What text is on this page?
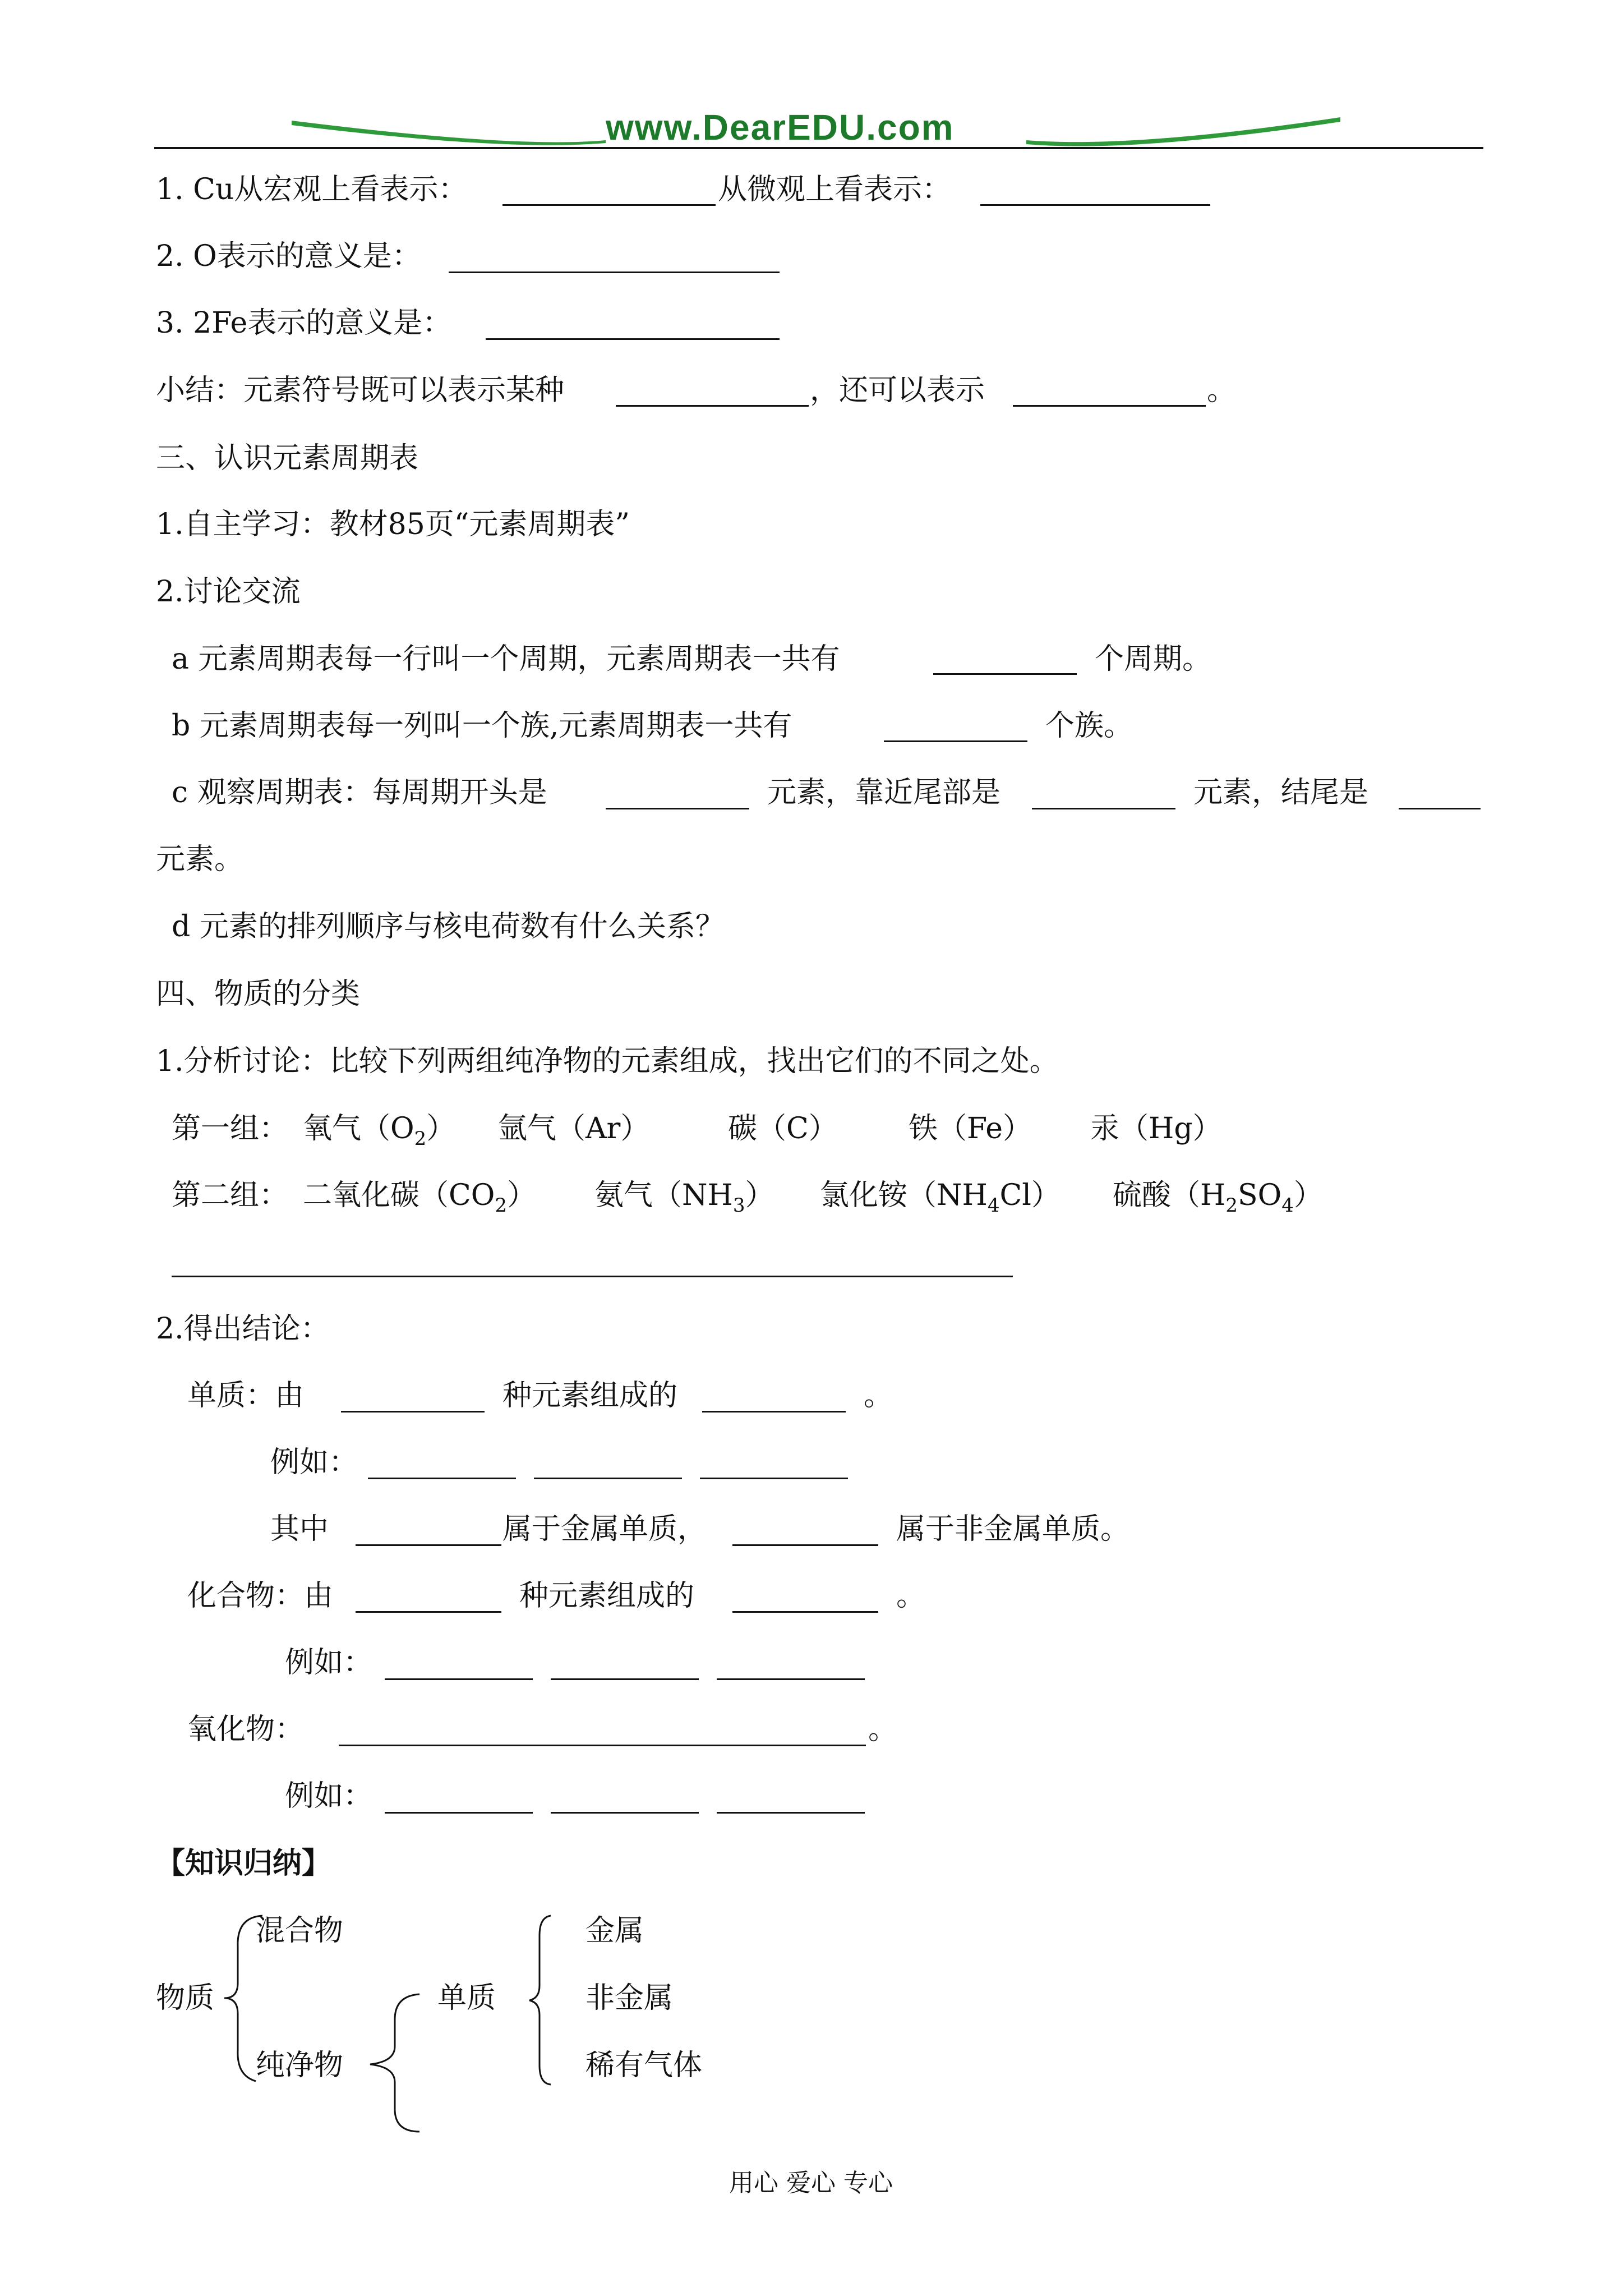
www.DearEDU.com
1. Cu从宏观上看表示：	从微观上看表示：
2. O表示的意义是：
3. 2Fe表示的意义是：
小结：元素符号既可以表示某种	，还可以表示	。
三、认识元素周期表
1.自主学习：教材85页“元素周期表”
2.讨论交流
a 元素周期表每一行叫一个周期，元素周期表一共有	个周期。
b 元素周期表每一列叫一个族,元素周期表一共有	个族。
c 观察周期表：每周期开头是	元素，靠近尾部是	元素，结尾是
元素。
d 元素的排列顺序与核电荷数有什么关系？
四、物质的分类
1.分析讨论：比较下列两组纯净物的元素组成，找出它们的不同之处。
第一组： 氧气$(O_2)$ 氩气（Ar）	碳（C） 铁（Fe） 汞（Hg）
第二组： 二氧化碳$(CO_2)$ 氨气$(NH_3)$ 氯化铵$(NH_4Cl)$ 硫酸$(H_2SO_4)$
2.得出结论：
单质：由	种元素组成的	。
例如：
其中	属于金属单质，	属于非金属单质。
化合物：由	种元素组成的	。
例如：
氧化物：	。
例如：
【知识归纳】
物质
混合物
纯净物
单质
金属
非金属
稀有气体
用心 爱心 专心
